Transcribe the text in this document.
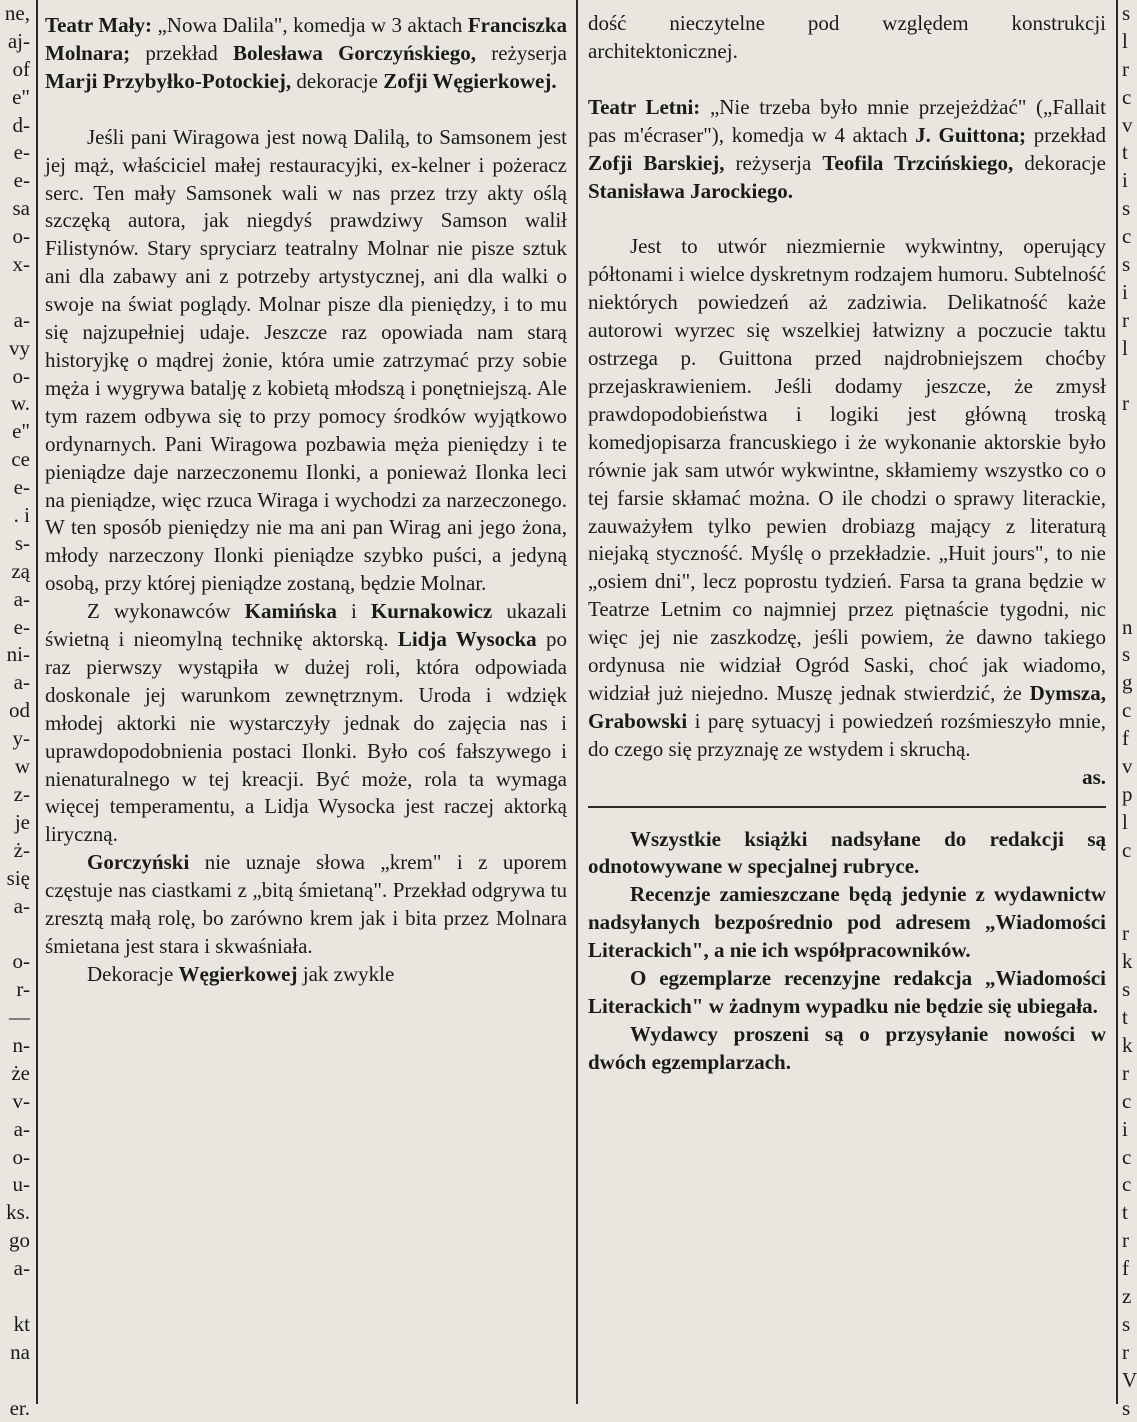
ne,
aj-
of
e"
d-
e-
e-
sa
o-
x-
a-
vy
o-
w.
e"
ce
e-
. i
s-
zą
a-
e-
ni-
a-
od
y-
w
z-
je
ż-
się
a-
o-
r-
—
n-
że
v-
a-
o-
u-
ks.
go
a-
kt
na
er.

Teatr Mały: „Nowa Dalila", komedja w 3 aktach Franciszka Molnara; przekład Bolesława Gorczyńskiego, reżyserja Marji Przybyłko-Potockiej, dekoracje Zofji Węgierkowej.

Jeśli pani Wiragowa jest nową Dalilą, to Samsonem jest jej mąż, właściciel małej restauracyjki, ex-kelner i pożeracz serc. Ten mały Samsonek wali w nas przez trzy akty oślą szczęką autora, jak niegdyś prawdziwy Samson walił Filistynów. Stary spryciarz teatralny Molnar nie pisze sztuk ani dla zabawy ani z potrzeby artystycznej, ani dla walki o swoje na świat poglądy. Molnar pisze dla pieniędzy, i to mu się najzupełniej udaje. Jeszcze raz opowiada nam starą historyjkę o mądrej żonie, która umie zatrzymać przy sobie męża i wygrywa batalję z kobietą młodszą i ponętniejszą. Ale tym razem odbywa się to przy pomocy środków wyjątkowo ordynarnych. Pani Wiragowa pozbawia męża pieniędzy i te pieniądze daje narzeczonemu Ilonki, a ponieważ Ilonka leci na pieniądze, więc rzuca Wiraga i wychodzi za narzeczonego. W ten sposób pieniędzy nie ma ani pan Wirag ani jego żona, młody narzeczony Ilonki pieniądze szybko puści, a jedyną osobą, przy której pieniądze zostaną, będzie Molnar.

Z wykonawców Kamińska i Kurnakowicz ukazali świetną i nieomylną technikę aktorską. Lidja Wysocka po raz pierwszy wystąpiła w dużej roli, która odpowiada doskonale jej warunkom zewnętrznym. Uroda i wdzięk młodej aktorki nie wystarczyły jednak do zajęcia nas i uprawdopodobnienia postaci Ilonki. Było coś fałszywego i nienaturalnego w tej kreacji. Być może, rola ta wymaga więcej temperamentu, a Lidja Wysocka jest raczej aktorką liryczną.

Gorczyński nie uznaje słowa „krem" i z uporem częstuje nas ciastkami z „bitą śmietaną". Przekład odgrywa tu zresztą małą rolę, bo zarówno krem jak i bita przez Molnara śmietana jest stara i skwaśniała.

Dekoracje Węgierkowej jak zwykle

dość nieczytelne pod względem konstrukcji architektonicznej.

Teatr Letni: „Nie trzeba było mnie przejeżdżać" („Fallait pas m'écraser"), komedja w 4 aktach J. Guittona; przekład Zofji Barskiej, reżyserja Teofila Trzcińskiego, dekoracje Stanisława Jarockiego.

Jest to utwór niezmiernie wykwintny, operujący półtonami i wielce dyskretnym rodzajem humoru. Subtelność niektórych powiedzeń aż zadziwia. Delikatność każe autorowi wyrzec się wszelkiej łatwizny a poczucie taktu ostrzega p. Guittona przed najdrobniejszem choćby przejaskrawieniem. Jeśli dodamy jeszcze, że zmysł prawdopodobieństwa i logiki jest główną troską komedjopisarza francuskiego i że wykonanie aktorskie było równie jak sam utwór wykwintne, skłamiemy wszystko co o tej farsie skłamać można. O ile chodzi o sprawy literackie, zauważyłem tylko pewien drobiazg mający z literaturą niejaką styczność. Myślę o przekładzie. „Huit jours", to nie „osiem dni", lecz poprostu tydzień. Farsa ta grana będzie w Teatrze Letnim co najmniej przez piętnaście tygodni, nic więc jej nie zaszkodzę, jeśli powiem, że dawno takiego ordynusa nie widział Ogród Saski, choć jak wiadomo, widział już niejedno. Muszę jednak stwierdzić, że Dymsza, Grabowski i parę sytuacyj i powiedzeń rozśmieszyło mnie, do czego się przyznaję ze wstydem i skruchą.

as.

Wszystkie książki nadsyłane do redakcji są odnotowywane w specjalnej rubryce.

Recenzje zamieszczane będą jedynie z wydawnictw nadsyłanych bezpośrednio pod adresem „Wiadomości Literackich", a nie ich współpracowników.

O egzemplarze recenzyjne redakcja „Wiadomości Literackich" w żadnym wypadku nie będzie się ubiegała.

Wydawcy proszeni są o przysyłanie nowości w dwóch egzemplarzach.

s
l
r
c
v
t
i
s
c
s
i
r
l
r
n
s
g
c
f
v
p
l
c
r
k
s
t
k
r
c
i
c
c
t
r
f
z
s
r
V
s
